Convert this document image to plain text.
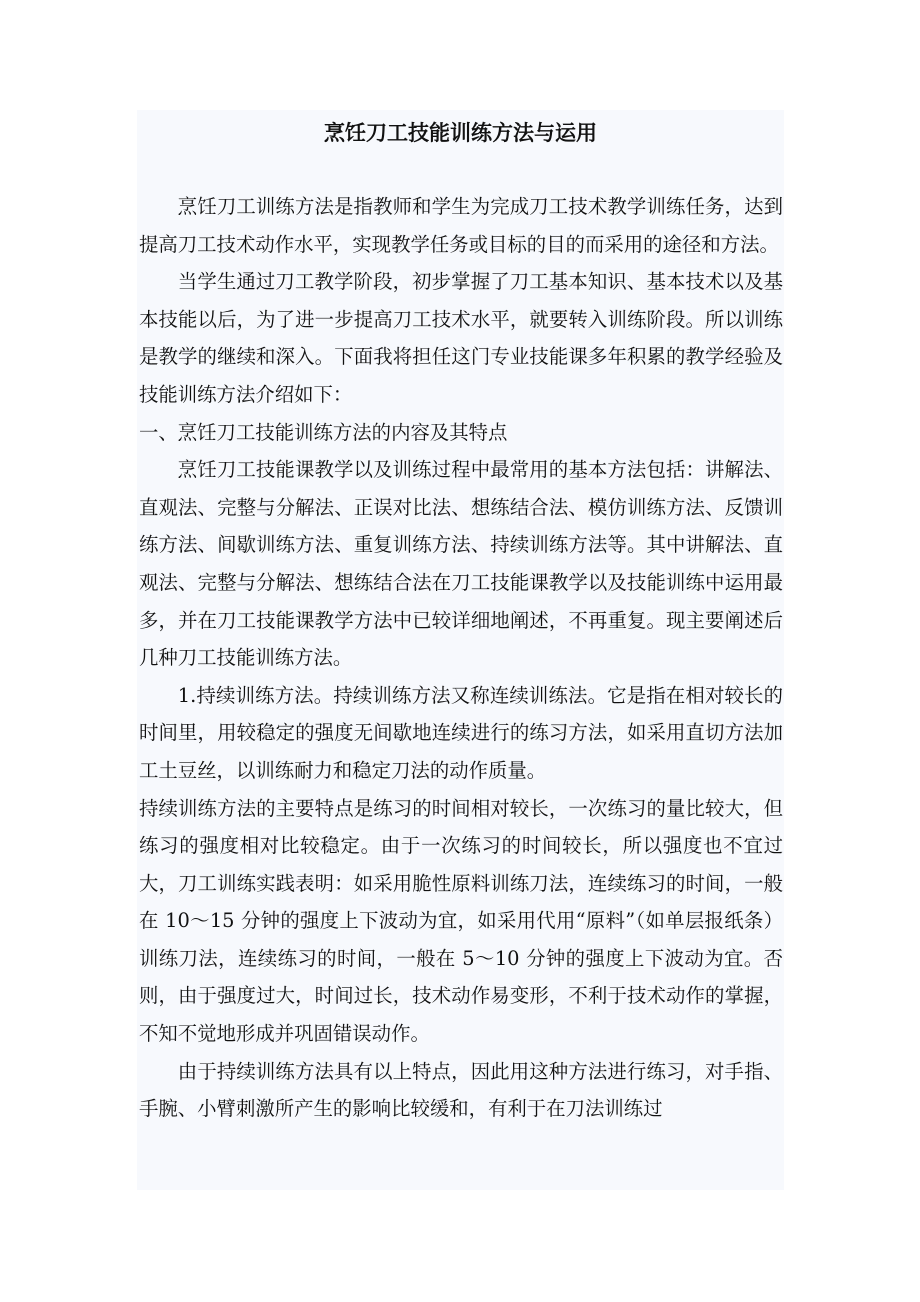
烹饪刀工技能训练方法与运用

烹饪刀工训练方法是指教师和学生为完成刀工技术教学训练任务，达到提高刀工技术动作水平，实现教学任务或目标的目的而采用的途径和方法。

当学生通过刀工教学阶段，初步掌握了刀工基本知识、基本技术以及基本技能以后，为了进一步提高刀工技术水平，就要转入训练阶段。所以训练是教学的继续和深入。下面我将担任这门专业技能课多年积累的教学经验及技能训练方法介绍如下：

一、烹饪刀工技能训练方法的内容及其特点

烹饪刀工技能课教学以及训练过程中最常用的基本方法包括：讲解法、直观法、完整与分解法、正误对比法、想练结合法、模仿训练方法、反馈训练方法、间歇训练方法、重复训练方法、持续训练方法等。其中讲解法、直观法、完整与分解法、想练结合法在刀工技能课教学以及技能训练中运用最多，并在刀工技能课教学方法中已较详细地阐述，不再重复。现主要阐述后几种刀工技能训练方法。

1.持续训练方法。持续训练方法又称连续训练法。它是指在相对较长的时间里，用较稳定的强度无间歇地连续进行的练习方法，如采用直切方法加工土豆丝，以训练耐力和稳定刀法的动作质量。

持续训练方法的主要特点是练习的时间相对较长，一次练习的量比较大，但练习的强度相对比较稳定。由于一次练习的时间较长，所以强度也不宜过大，刀工训练实践表明：如采用脆性原料训练刀法，连续练习的时间，一般在 10～15 分钟的强度上下波动为宜，如采用代用“原料”（如单层报纸条）训练刀法，连续练习的时间，一般在 5～10 分钟的强度上下波动为宜。否则，由于强度过大，时间过长，技术动作易变形，不利于技术动作的掌握，不知不觉地形成并巩固错误动作。

由于持续训练方法具有以上特点，因此用这种方法进行练习，对手指、手腕、小臂刺激所产生的影响比较缓和，有利于在刀法训练过
